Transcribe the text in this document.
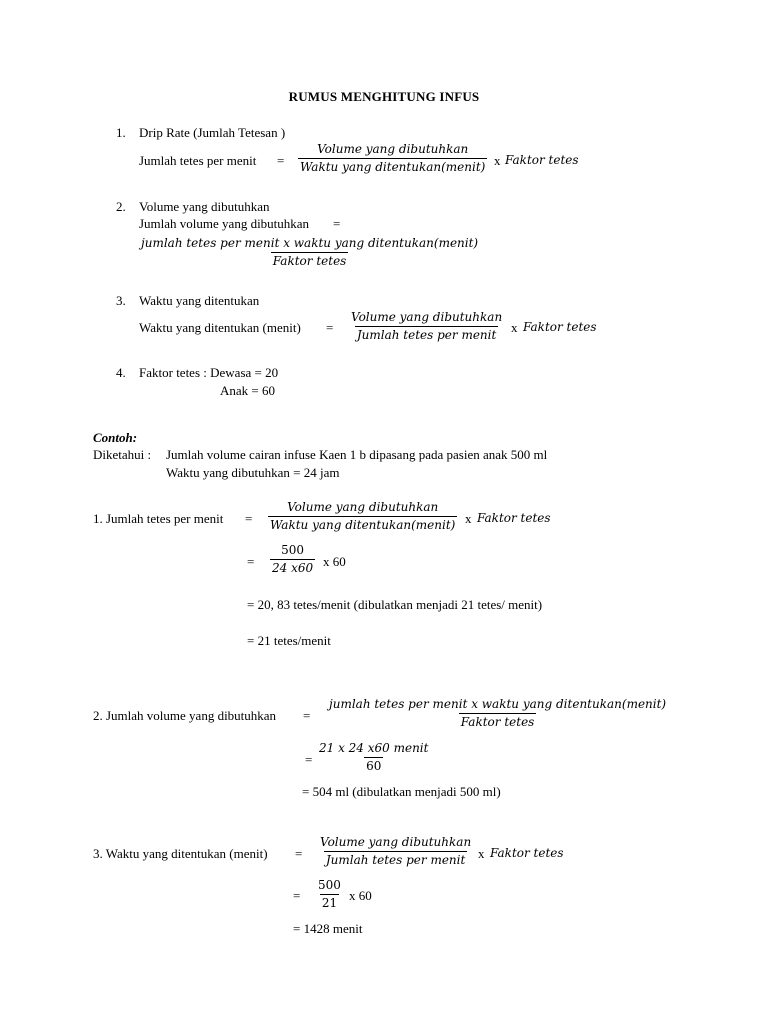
RUMUS MENGHITUNG INFUS
1. Drip Rate (Jumlah Tetesan )
Jumlah tetes per menit =
Volume yang dibutuhkan
Waktu yang ditentukan(menit) x Faktor tetes
2. Volume yang dibutuhkan
Jumlah volume yang dibutuhkan =
jumlah tetes per menit x waktu yang ditentukan(menit)
Faktor tetes
3. Waktu yang ditentukan
Waktu yang ditentukan (menit) =
Volume yang dibutuhkan
Jumlah tetes per menit
x Faktor tetes
4. Faktor tetes : Dewasa = 20
Anak = 60
Contoh:
Diketahui : Jumlah volume cairan infuse Kaen 1 b dipasang pada pasien anak 500 ml
Waktu yang dibutuhkan = 24 jam
1. Jumlah tetes per menit =
Volume yang dibutuhkan
Waktu yang ditentukan(menit) x Faktor tetes
= $\frac{500}{24 x60}$ x 60
= 20, 83 tetes/menit (dibulatkan menjadi 21 tetes/ menit)
= 21 tetes/menit
2. Jumlah volume yang dibutuhkan =
jumlah tetes per menit x waktu yang ditentukan(menit)
Faktor tetes
=
21 x 24 x60 menit
60
= 504 ml (dibulatkan menjadi 500 ml)
3. Waktu yang ditentukan (menit) =
Volume yang dibutuhkan
Jumlah tetes per menit x Faktor tetes
= $\frac{500}{21}$ x 60
= 1428 menit
